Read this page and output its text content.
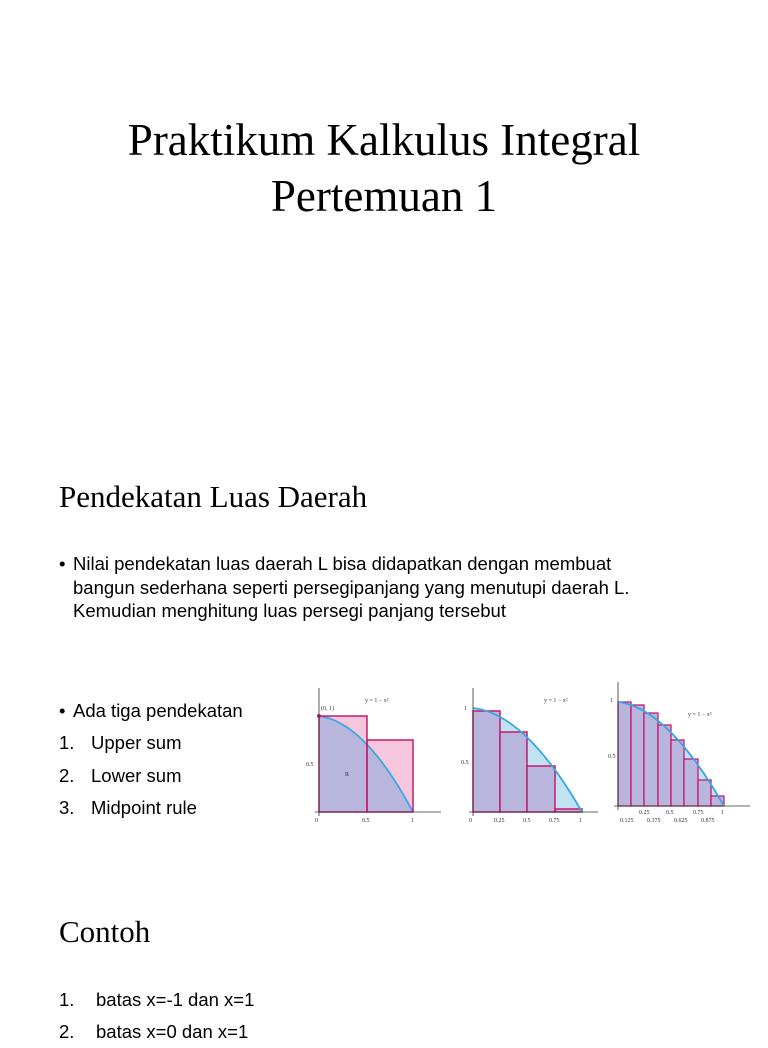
Praktikum Kalkulus Integral
Pertemuan 1
Pendekatan Luas Daerah
• Nilai pendekatan luas daerah L bisa didapatkan dengan membuat
bangun sederhana seperti persegipanjang yang menutupi daerah L.
Kemudian menghitung luas persegi panjang tersebut
• Ada tiga pendekatan
1. Upper sum
2. Lower sum
3. Midpoint rule
(0, 1)
y = 1 − x²
R
0.5
0	0.5	1
y = 1 − x²
1
0.5
0	0.25	0.5	0.75	1
y = 1 − x²
1
0.5
0.25	0.5	0.75	1
0.125 0.375 0.625 0.875
Contoh
1. batas x=-1 dan x=1
2. batas x=0 dan x=1
